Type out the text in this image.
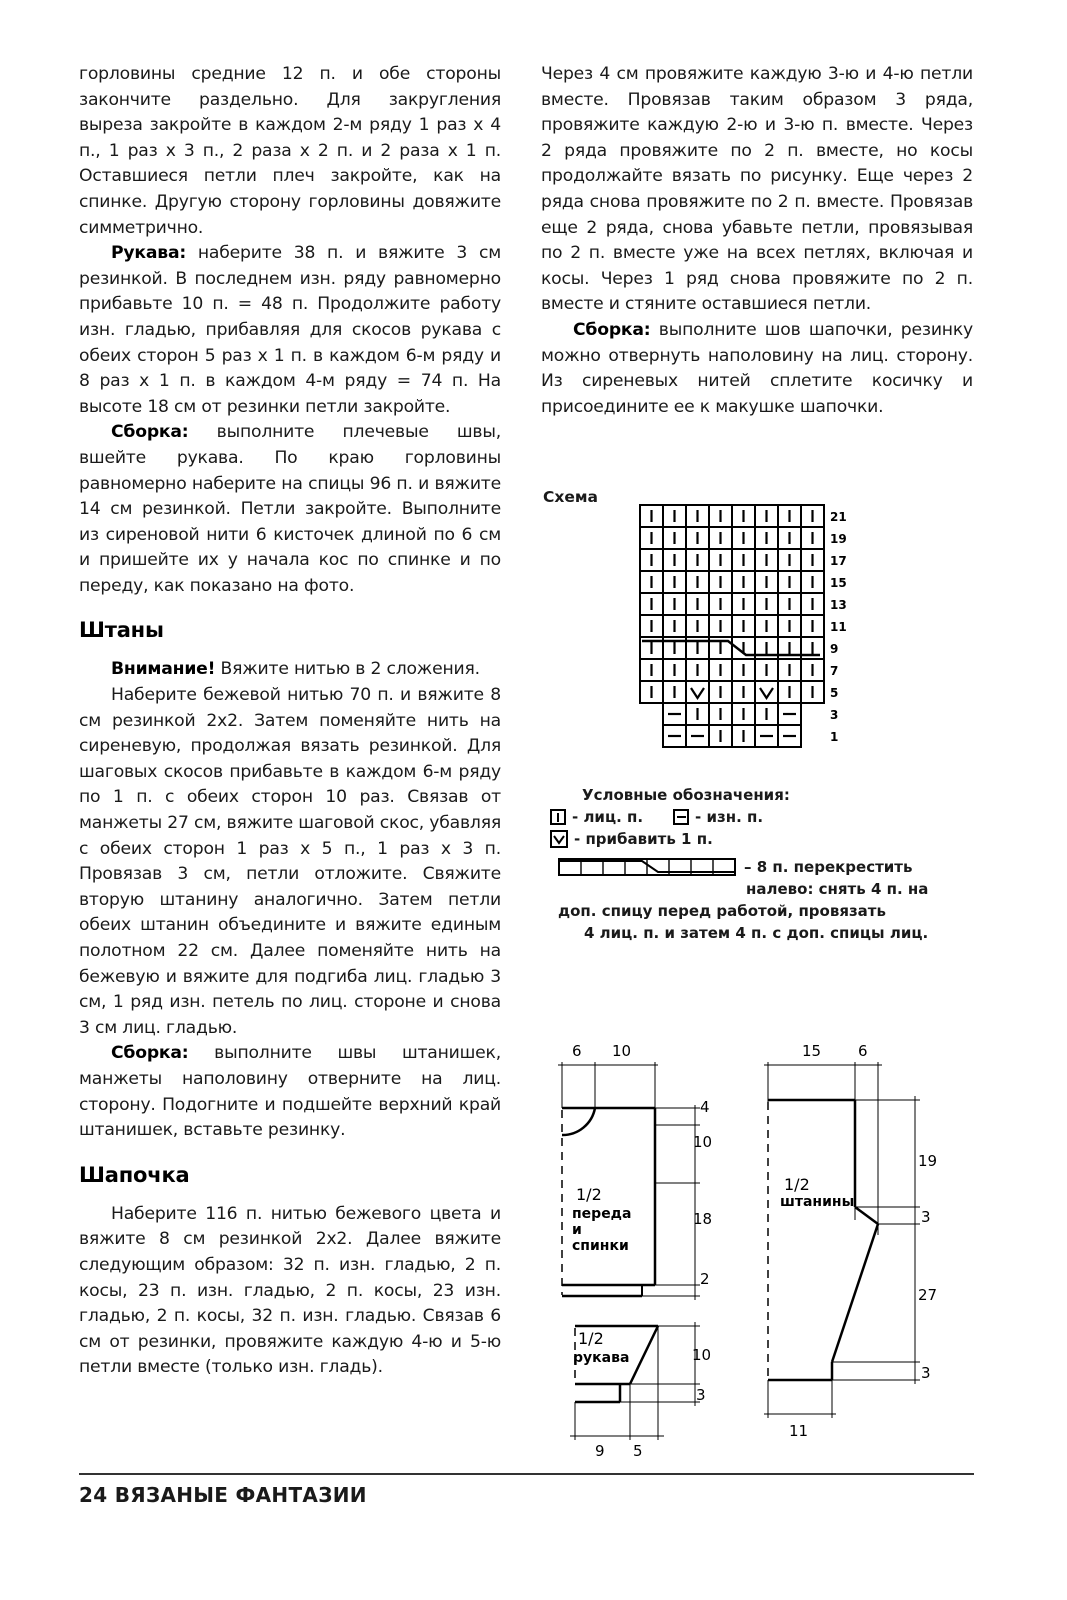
горловины средние 12 п. и обе стороны закончите раздельно. Для закругления выреза закройте в каждом 2-м ряду 1 раз х 4 п., 1 раз х 3 п., 2 раза х 2 п. и 2 раза х 1 п. Оставшиеся петли плеч закройте, как на спинке. Другую сторону горловины довяжите симметрично.

Рукава: наберите 38 п. и вяжите 3 см резинкой. В последнем изн. ряду равномерно прибавьте 10 п. = 48 п. Продолжите работу изн. гладью, прибавляя для скосов рукава с обеих сторон 5 раз х 1 п. в каждом 6-м ряду и 8 раз х 1 п. в каждом 4-м ряду = 74 п. На высоте 18 см от резинки петли закройте.

Сборка: выполните плечевые швы, вшейте рукава. По краю горловины равномерно наберите на спицы 96 п. и вяжите 14 см резинкой. Петли закройте. Выполните из сиреновой нити 6 кисточек длиной по 6 см и пришейте их у начала кос по спинке и по переду, как показано на фото.

Штаны

Внимание! Вяжите нитью в 2 сложения.

Наберите бежевой нитью 70 п. и вяжите 8 см резинкой 2х2. Затем поменяйте нить на сиреневую, продолжая вязать резинкой. Для шаговых скосов прибавьте в каждом 6-м ряду по 1 п. с обеих сторон 10 раз. Связав от манжеты 27 см, вяжите шаговой скос, убавляя с обеих сторон 1 раз х 5 п., 1 раз х 3 п. Провязав 3 см, петли отложите. Свяжите вторую штанину аналогично. Затем петли обеих штанин объедините и вяжите единым полотном 22 см. Далее поменяйте нить на бежевую и вяжите для подгиба лиц. гладью 3 см, 1 ряд изн. петель по лиц. стороне и снова 3 см лиц. гладью.

Сборка: выполните швы штанишек, манжеты наполовину отверните на лиц. сторону. Подогните и подшейте верхний край штанишек, вставьте резинку.

Шапочка

Наберите 116 п. нитью бежевого цвета и вяжите 8 см резинкой 2х2. Далее вяжите следующим образом: 32 п. изн. гладью, 2 п. косы, 23 п. изн. гладью, 2 п. косы, 23 изн. гладью, 2 п. косы, 32 п. изн. гладью. Связав 6 см от резинки, провяжите каждую 4-ю и 5-ю петли вместе (только изн. гладь).

Через 4 см провяжите каждую 3-ю и 4-ю петли вместе. Провязав таким образом 3 ряда, провяжите каждую 2-ю и 3-ю п. вместе. Через 2 ряда провяжите по 2 п. вместе, но косы продолжайте вязать по рисунку. Еще через 2 ряда снова провяжите по 2 п. вместе. Провязав еще 2 ряда, снова убавьте петли, провязывая по 2 п. вместе уже на всех петлях, включая и косы. Через 1 ряд снова провяжите по 2 п. вместе и стяните оставшиеся петли.

Сборка: выполните шов шапочки, резинку можно отвернуть наполовину на лиц. сторону. Из сиреневых нитей сплетите косичку и присоедините ее к макушке шапочки.

Схема
21
19
17
15
13
11
9
7
5
3
1
Условные обозначения:
- лиц. п.	- изн. п.
- прибавить 1 п.
– 8 п. перекрестить
налево: снять 4 п. на
доп. спицу перед работой, провязать
4 лиц. п. и затем 4 п. с доп. спицы лиц.
6 10
4
10
18
2
1/2
переда
и
спинки
1/2
рукава	10
3
9 5
15 6
19
3
27
3
11
1/2
штанины
24 ВЯЗАНЫЕ ФАНТАЗИИ
